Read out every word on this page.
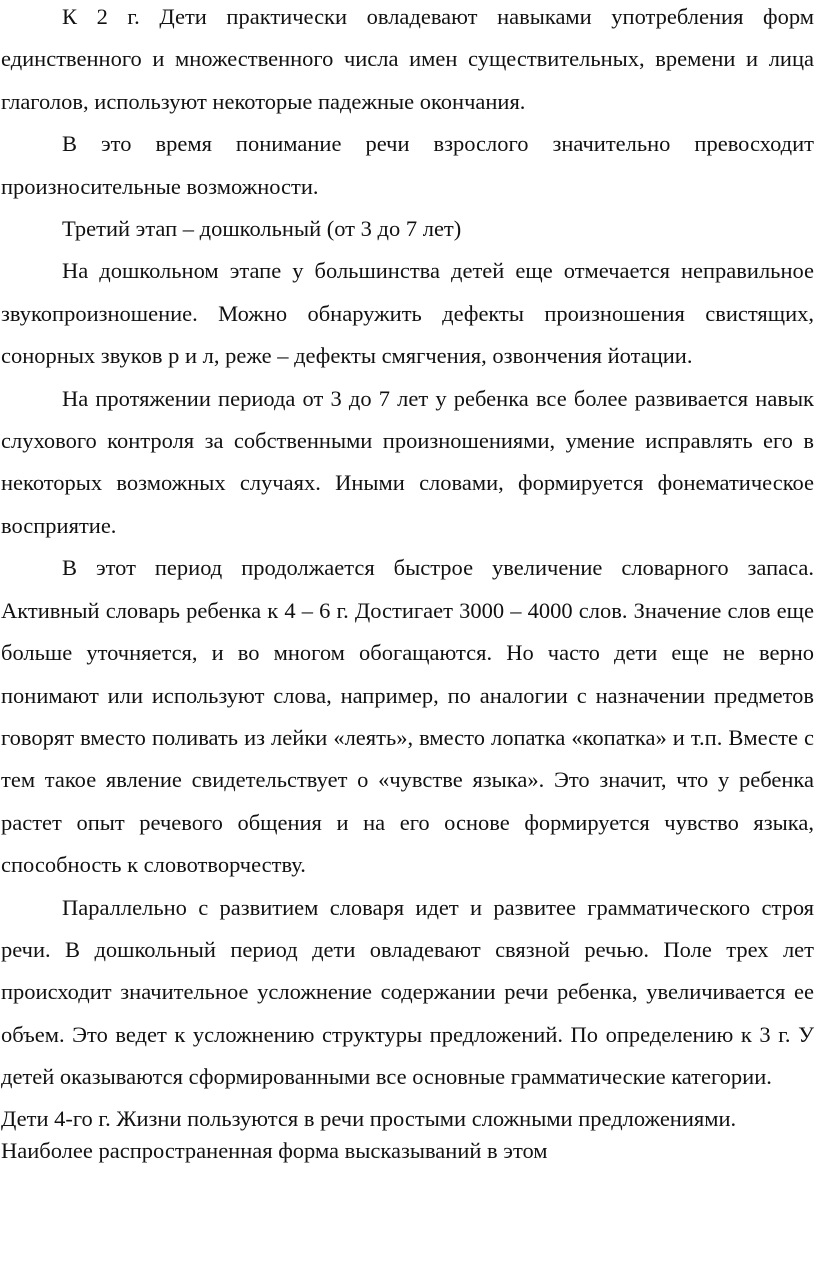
К 2 г. Дети практически овладевают навыками употребления форм единственного и множественного числа имен существительных, времени и лица глаголов, используют некоторые падежные окончания.

В это время понимание речи взрослого значительно превосходит произносительные возможности.

Третий этап – дошкольный (от 3 до 7 лет)

На дошкольном этапе у большинства детей еще отмечается неправильное звукопроизношение. Можно обнаружить дефекты произношения свистящих, сонорных звуков р и л, реже – дефекты смягчения, озвончения йотации.

На протяжении периода от 3 до 7 лет у ребенка все более развивается навык слухового контроля за собственными произношениями, умение исправлять его в некоторых возможных случаях. Иными словами, формируется фонематическое восприятие.

В этот период продолжается быстрое увеличение словарного запаса. Активный словарь ребенка к 4 – 6 г. Достигает 3000 – 4000 слов. Значение слов еще больше уточняется, и во многом обогащаются. Но часто дети еще не верно понимают или используют слова, например, по аналогии с назначении предметов говорят вместо поливать из лейки «леять», вместо лопатка «копатка» и т.п. Вместе с тем такое явление свидетельствует о «чувстве языка». Это значит, что у ребенка растет опыт речевого общения и на его основе формируется чувство языка, способность к словотворчеству.

Параллельно с развитием словаря идет и развитее грамматического строя речи. В дошкольный период дети овладевают связной речью. Поле трех лет происходит значительное усложнение содержании речи ребенка, увеличивается ее объем. Это ведет к усложнению структуры предложений. По определению к 3 г. У детей оказываются сформированными все основные грамматические категории.

Дети 4-го г. Жизни пользуются в речи простыми сложными предложениями.

Наиболее распространенная форма высказываний в этом
